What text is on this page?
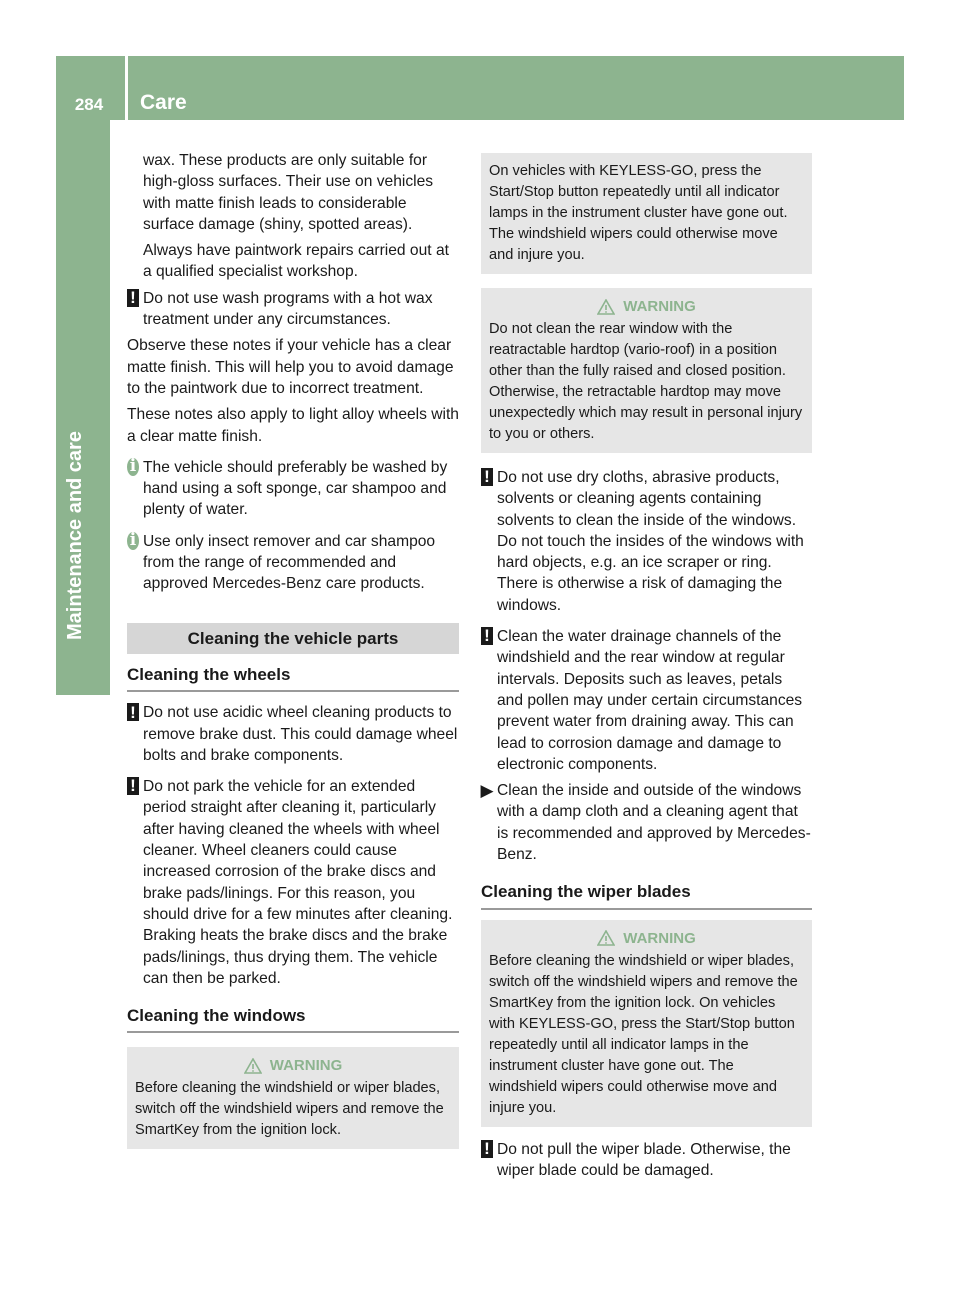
284	Care
Maintenance and care

wax. These products are only suitable for high-gloss surfaces. Their use on vehicles with matte finish leads to considerable surface damage (shiny, spotted areas).

Always have paintwork repairs carried out at a qualified specialist workshop.

! Do not use wash programs with a hot wax treatment under any circumstances.

Observe these notes if your vehicle has a clear matte finish. This will help you to avoid damage to the paintwork due to incorrect treatment.

These notes also apply to light alloy wheels with a clear matte finish.

i The vehicle should preferably be washed by hand using a soft sponge, car shampoo and plenty of water.

i Use only insect remover and car shampoo from the range of recommended and approved Mercedes-Benz care products.

Cleaning the vehicle parts
Cleaning the wheels
! Do not use acidic wheel cleaning products to remove brake dust. This could damage wheel bolts and brake components.

! Do not park the vehicle for an extended period straight after cleaning it, particularly after having cleaned the wheels with wheel cleaner. Wheel cleaners could cause increased corrosion of the brake discs and brake pads/linings. For this reason, you should drive for a few minutes after cleaning. Braking heats the brake discs and the brake pads/linings, thus drying them. The vehicle can then be parked.

Cleaning the windows
WARNING

Before cleaning the windshield or wiper blades, switch off the windshield wipers and remove the SmartKey from the ignition lock.

On vehicles with KEYLESS-GO, press the Start/Stop button repeatedly until all indicator lamps in the instrument cluster have gone out. The windshield wipers could otherwise move and injure you.

WARNING

Do not clean the rear window with the reatractable hardtop (vario-roof) in a position other than the fully raised and closed position. Otherwise, the retractable hardtop may move unexpectedly which may result in personal injury to you or others.

! Do not use dry cloths, abrasive products, solvents or cleaning agents containing solvents to clean the inside of the windows. Do not touch the insides of the windows with hard objects, e.g. an ice scraper or ring. There is otherwise a risk of damaging the windows.

! Clean the water drainage channels of the windshield and the rear window at regular intervals. Deposits such as leaves, petals and pollen may under certain circumstances prevent water from draining away. This can lead to corrosion damage and damage to electronic components.

▶ Clean the inside and outside of the windows with a damp cloth and a cleaning agent that is recommended and approved by Mercedes-Benz.

Cleaning the wiper blades
WARNING

Before cleaning the windshield or wiper blades, switch off the windshield wipers and remove the SmartKey from the ignition lock. On vehicles with KEYLESS-GO, press the Start/Stop button repeatedly until all indicator lamps in the instrument cluster have gone out. The windshield wipers could otherwise move and injure you.

! Do not pull the wiper blade. Otherwise, the wiper blade could be damaged.
